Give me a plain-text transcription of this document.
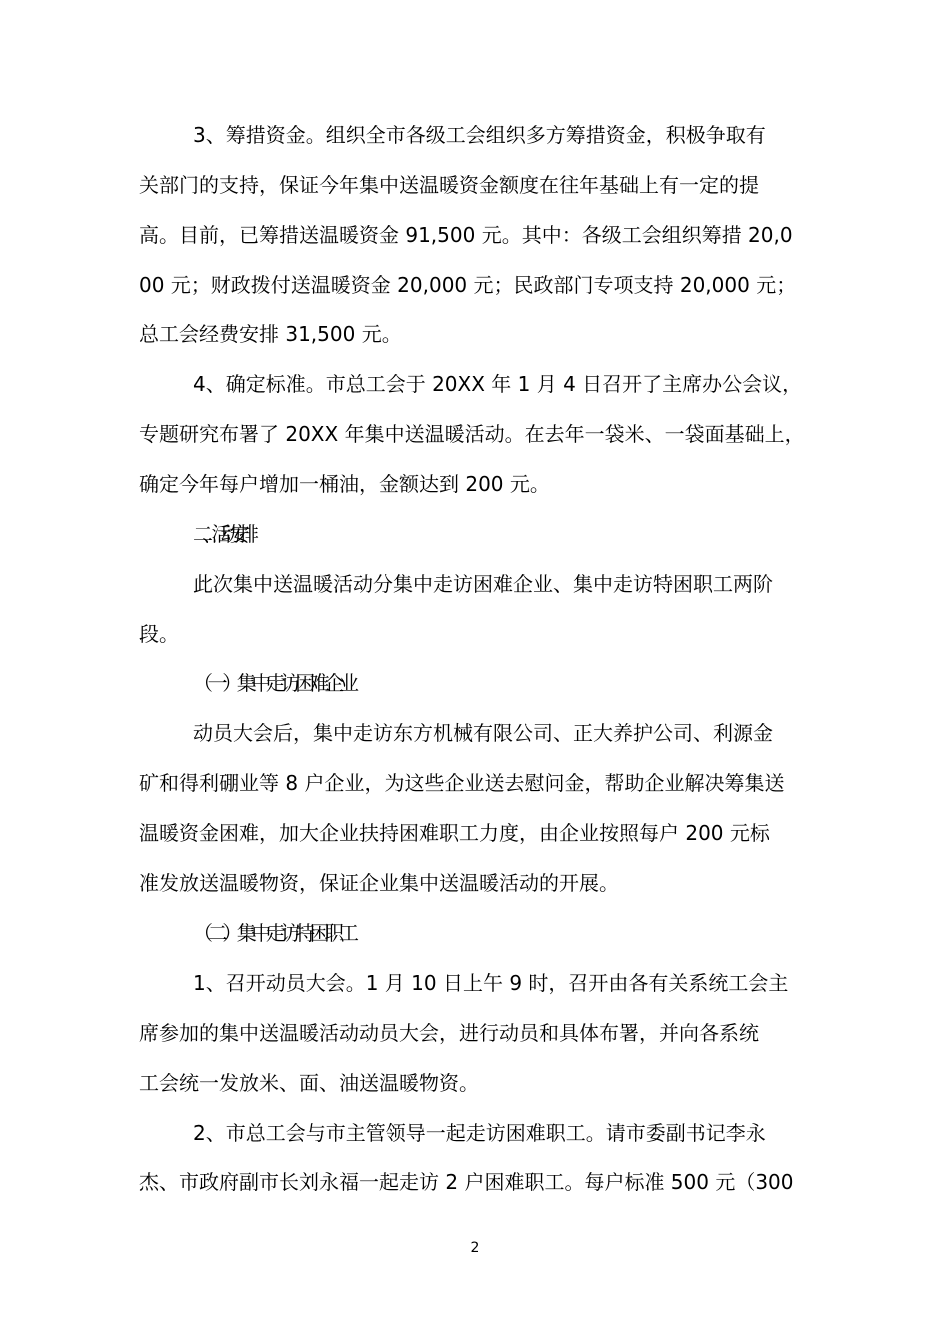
3、筹措资金。组织全市各级工会组织多方筹措资金，积极争取有
关部门的支持，保证今年集中送温暖资金额度在往年基础上有一定的提
高。目前，已筹措送温暖资金 91,500 元。其中：各级工会组织筹措 20,0
00 元；财政拨付送温暖资金 20,000 元；民政部门专项支持 20,000 元；
总工会经费安排 31,500 元。
4、确定标准。市总工会于 20XX 年 1 月 4 日召开了主席办公会议，
专题研究布署了 20XX 年集中送温暖活动。在去年一袋米、一袋面基础上，
确定今年每户增加一桶油，金额达到 200 元。
二、活动安排
此次集中送温暖活动分集中走访困难企业、集中走访特困职工两阶
段。
（一）集中走访困难企业
动员大会后，集中走访东方机械有限公司、正大养护公司、利源金
矿和得利硼业等 8 户企业，为这些企业送去慰问金，帮助企业解决筹集送
温暖资金困难，加大企业扶持困难职工力度，由企业按照每户 200 元标
准发放送温暖物资，保证企业集中送温暖活动的开展。
（二）集中走访特困职工
1、召开动员大会。1 月 10 日上午 9 时，召开由各有关系统工会主
席参加的集中送温暖活动动员大会，进行动员和具体布署，并向各系统
工会统一发放米、面、油送温暖物资。
2、市总工会与市主管领导一起走访困难职工。请市委副书记李永
杰、市政府副市长刘永福一起走访 2 户困难职工。每户标准 500 元（300
2
